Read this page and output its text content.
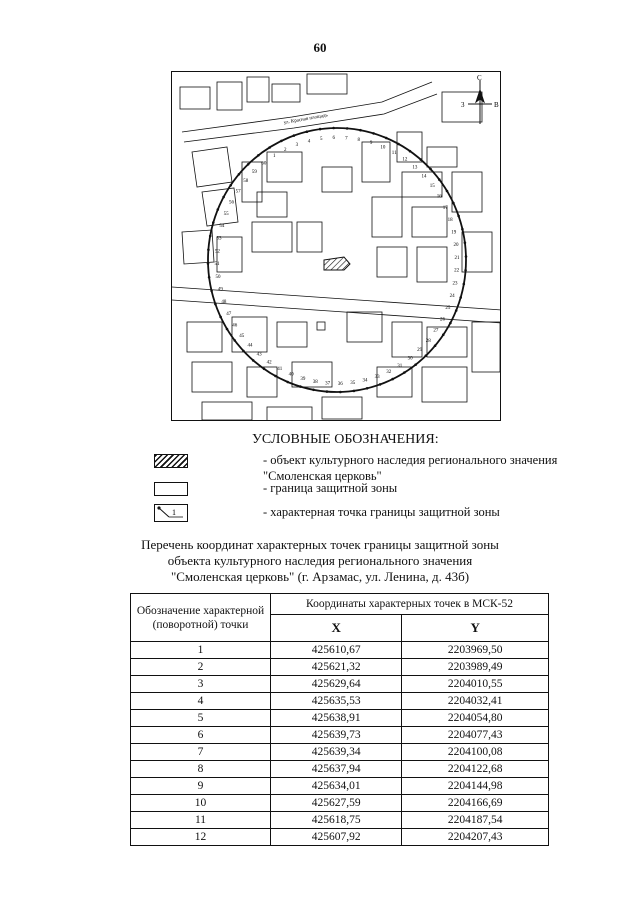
60
С
3	В
ул. Красная площадь
1
2
3
4 5 6 7 8
9
10
11
12
13
14
15
16
17
18
19
20
21
22
23
24
25
26
27
28
29
30
31
32
33
34
35
36
37
38
39
40
41
42
43
44
45
46
47
48
49
50
51
52
53
54
55
56
57
58
59
60
УСЛОВНЫЕ ОБОЗНАЧЕНИЯ:
- объект культурного наследия регионального значения "Смоленская церковь"
- граница защитной зоны
1	- характерная точка границы защитной зоны
Перечень координат характерных точек границы защитной зоны
объекта культурного наследия регионального значения
"Смоленская церковь" (г. Арзамас, ул. Ленина, д. 43б)
Обозначение характерной (поворотной) точки	Координаты характерных точек в МСК-52	
	X	Y
1	425610,67	2203969,50
2	425621,32	2203989,49
3	425629,64	2204010,55
4	425635,53	2204032,41
5	425638,91	2204054,80
6	425639,73	2204077,43
7	425639,34	2204100,08
8	425637,94	2204122,68
9	425634,01	2204144,98
10	425627,59	2204166,69
11	425618,75	2204187,54
12	425607,92	2204207,43
